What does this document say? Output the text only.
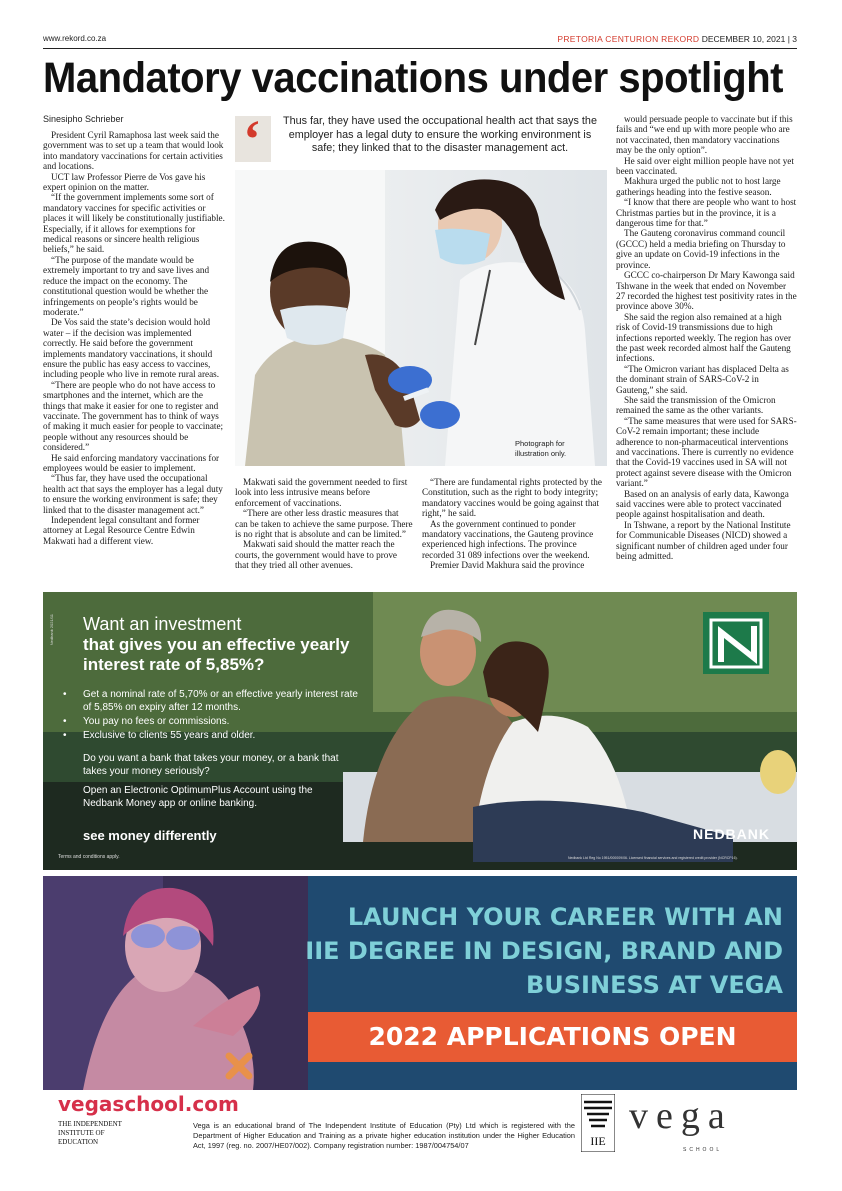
www.rekord.co.za	PRETORIA CENTURION REKORD DECEMBER 10, 2021 | 3
Mandatory vaccinations under spotlight
Sinesipho Schrieber

President Cyril Ramaphosa last week said the government was to set up a team that would look into mandatory vaccinations for certain activities and locations.

UCT law Professor Pierre de Vos gave his expert opinion on the matter.

“If the government implements some sort of mandatory vaccines for specific activities or places it will likely be constitutionally justifiable. Especially, if it allows for exemptions for medical reasons or sincere health religious beliefs,” he said.

“The purpose of the mandate would be extremely important to try and save lives and reduce the impact on the economy. The constitutional question would be whether the infringements on people’s rights would be moderate.”

De Vos said the state’s decision would hold water – if the decision was implemented correctly. He said before the government implements mandatory vaccinations, it should ensure the public has easy access to vaccines, including people who live in remote rural areas.

“There are people who do not have access to smartphones and the internet, which are the things that make it easier for one to register and vaccinate. The government has to think of ways of making it much easier for people to vaccinate; people without any resources should be considered.”

He said enforcing mandatory vaccinations for employees would be easier to implement.

“Thus far, they have used the occupational health act that says the employer has a legal duty to ensure the working environment is safe; they linked that to the disaster management act.”

Independent legal consultant and former attorney at Legal Resource Centre Edwin Makwati had a different view.

‘ Thus far, they have used the occupational health act that says the employer has a legal duty to ensure the working environment is safe; they linked that to the disaster management act.
Photograph for illustration only.

Makwati said the government needed to first look into less intrusive means before enforcement of vaccinations.

“There are other less drastic measures that can be taken to achieve the same purpose. There is no right that is absolute and can be limited.”

Makwati said should the matter reach the courts, the government would have to prove that they tried all other avenues.

“There are fundamental rights protected by the Constitution, such as the right to body integrity; mandatory vaccines would be going against that right,” he said.

As the government continued to ponder mandatory vaccinations, the Gauteng province experienced high infections. The province recorded 31 089 infections over the weekend.

Premier David Makhura said the province

would persuade people to vaccinate but if this fails and “we end up with more people who are not vaccinated, then mandatory vaccinations may be the only option”.

He said over eight million people have not yet been vaccinated.

Makhura urged the public not to host large gatherings heading into the festive season.

“I know that there are people who want to host Christmas parties but in the province, it is a dangerous time for that.”

The Gauteng coronavirus command council (GCCC) held a media briefing on Thursday to give an update on Covid-19 infections in the province.

GCCC co-chairperson Dr Mary Kawonga said Tshwane in the week that ended on November 27 recorded the highest test positivity rates in the province above 30%.

She said the region also remained at a high risk of Covid-19 transmissions due to high infections reported weekly. The region has over the past week recorded almost half the Gauteng infections.

“The Omicron variant has displaced Delta as the dominant strain of SARS-CoV-2 in Gauteng,” she said.

She said the transmission of the Omicron remained the same as the other variants.

“The same measures that were used for SARS-CoV-2 remain important; these include adherence to non-pharmaceutical interventions and vaccinations. There is currently no evidence that the Covid-19 vaccines used in SA will not protect against severe disease with the Omicron variant.”

Based on an analysis of early data, Kawonga said vaccines were able to protect vaccinated people against hospitalisation and death.

In Tshwane, a report by the National Institute for Communicable Diseases (NICD) showed a significant number of children aged under four being admitted.

Nedbank 2021/11 Want an investment
that gives you an effective yearly interest rate of 5,85%?
• Get a nominal rate of 5,70% or an effective yearly interest rate of 5,85% on expiry after 12 months.
• You pay no fees or commissions.
• Exclusive to clients 55 years and older.
Do you want a bank that takes your money, or a bank that takes your money seriously?
Open an Electronic OptimumPlus Account using the Nedbank Money app or online banking.
see money differently
Terms and conditions apply.
NEDBANK
Nedbank Ltd Reg No 1951/000009/06. Licensed financial services and registered credit provider (NCRCP16).
LAUNCH YOUR CAREER WITH AN
IIE DEGREE IN DESIGN, BRAND AND
BUSINESS AT VEGA
2022 APPLICATIONS OPEN
vegaschool.com
THE INDEPENDENT
INSTITUTE OF
EDUCATION
Vega is an educational brand of The Independent Institute of Education (Pty) Ltd which is registered with the Department of Higher Education and Training as a private higher education institution under the Higher Education Act, 1997 (reg. no. 2007/HE07/002). Company registration number: 1987/004754/07	IIE
vega
SCHOOL
